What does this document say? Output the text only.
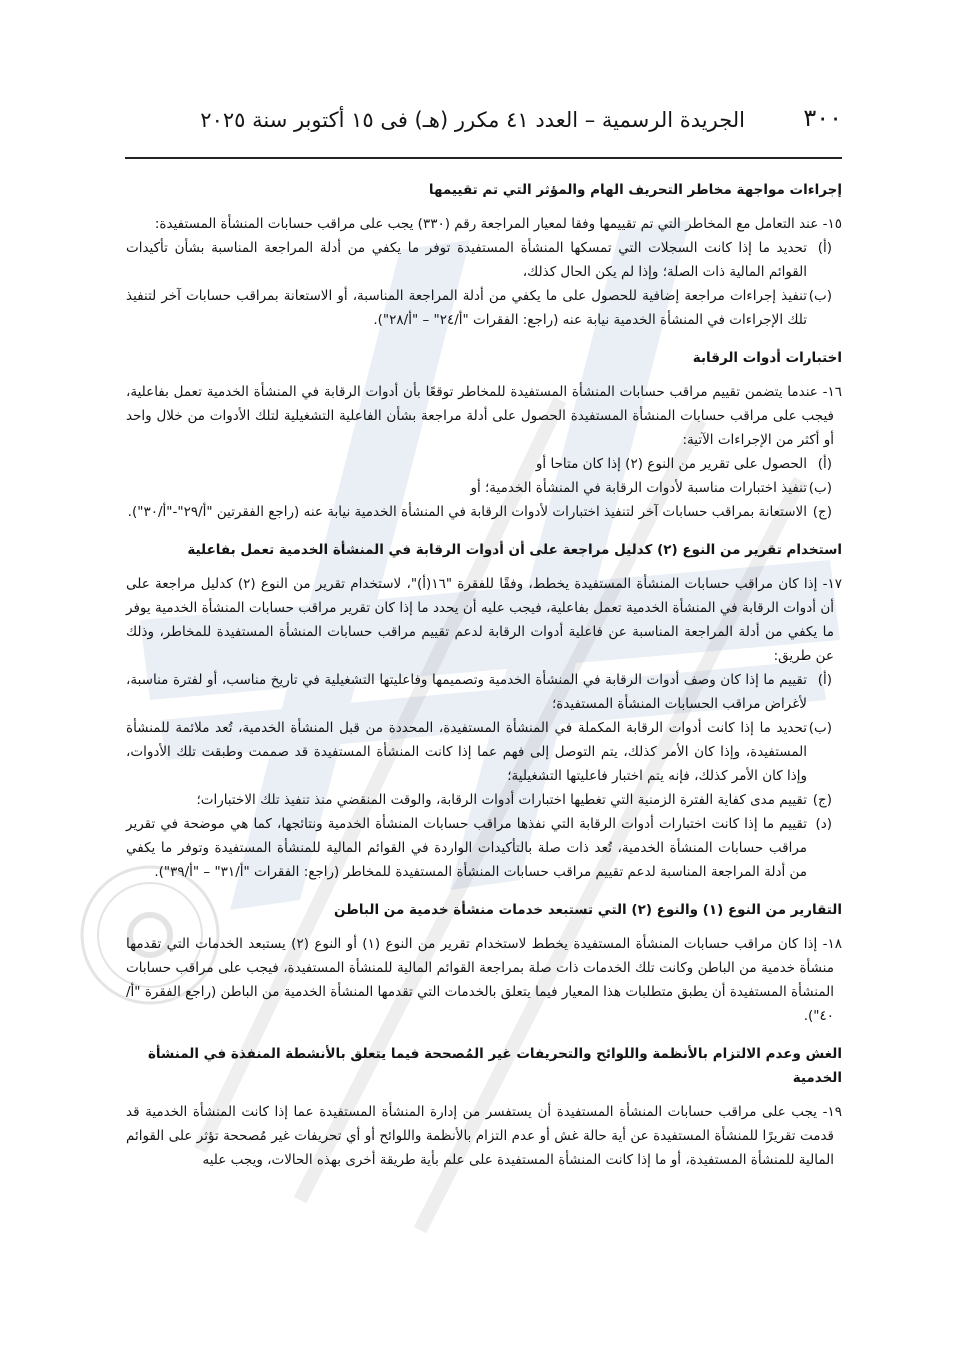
٣٠٠
الجريدة الرسمية – العدد ٤١ مكرر (هـ) فى ١٥ أكتوبر سنة ٢٠٢٥
إجراءات مواجهة مخاطر التحريف الهام والمؤثر التي تم تقييمها

١٥- عند التعامل مع المخاطر التي تم تقييمها وفقا لمعيار المراجعة رقم (٣٣٠) يجب على مراقب حسابات المنشأة المستفيدة:

(أ)
تحديد ما إذا كانت السجلات التي تمسكها المنشأة المستفيدة توفر ما يكفي من أدلة المراجعة المناسبة بشأن تأكيدات القوائم المالية ذات الصلة؛ وإذا لم يكن الحال كذلك،
(ب)
تنفيذ إجراءات مراجعة إضافية للحصول على ما يكفي من أدلة المراجعة المناسبة، أو الاستعانة بمراقب حسابات آخر لتنفيذ تلك الإجراءات في المنشأة الخدمية نيابة عنه (راجع: الفقرات "أ/٢٤" – "أ/٢٨").
اختبارات أدوات الرقابة

١٦- عندما يتضمن تقييم مراقب حسابات المنشأة المستفيدة للمخاطر توقعًا بأن أدوات الرقابة في المنشأة الخدمية تعمل بفاعلية، فيجب على مراقب حسابات المنشأة المستفيدة الحصول على أدلة مراجعة بشأن الفاعلية التشغيلية لتلك الأدوات من خلال واحد أو أكثر من الإجراءات الآتية:

(أ)
الحصول على تقرير من النوع (٢) إذا كان متاحا أو
(ب)
تنفيذ اختبارات مناسبة لأدوات الرقابة في المنشأة الخدمية؛ أو
(ج)
الاستعانة بمراقب حسابات آخر لتنفيذ اختبارات لأدوات الرقابة في المنشأة الخدمية نيابة عنه (راجع الفقرتين "أ/٢٩"-"أ/٣٠").
استخدام تقرير من النوع (٢) كدليل مراجعة على أن أدوات الرقابة في المنشأة الخدمية تعمل بفاعلية

١٧- إذا كان مراقب حسابات المنشأة المستفيدة يخطط، وفقًا للفقرة "١٦(أ)"، لاستخدام تقرير من النوع (٢) كدليل مراجعة على أن أدوات الرقابة في المنشأة الخدمية تعمل بفاعلية، فيجب عليه أن يحدد ما إذا كان تقرير مراقب حسابات المنشأة الخدمية يوفر ما يكفي من أدلة المراجعة المناسبة عن فاعلية أدوات الرقابة لدعم تقييم مراقب حسابات المنشأة المستفيدة للمخاطر، وذلك عن طريق:

(أ)
تقييم ما إذا كان وصف أدوات الرقابة في المنشأة الخدمية وتصميمها وفاعليتها التشغيلية في تاريخ مناسب، أو لفترة مناسبة، لأغراض مراقب الحسابات المنشأة المستفيدة؛
(ب)
تحديد ما إذا كانت أدوات الرقابة المكملة في المنشأة المستفيدة، المحددة من قبل المنشأة الخدمية، تُعد ملائمة للمنشأة المستفيدة، وإذا كان الأمر كذلك، يتم التوصل إلى فهم عما إذا كانت المنشأة المستفيدة قد صممت وطبقت تلك الأدوات، وإذا كان الأمر كذلك، فإنه يتم اختبار فاعليتها التشغيلية؛
(ج)
تقييم مدى كفاية الفترة الزمنية التي تغطيها اختبارات أدوات الرقابة، والوقت المنقضي منذ تنفيذ تلك الاختبارات؛
(د)
تقييم ما إذا كانت اختبارات أدوات الرقابة التي نفذها مراقب حسابات المنشأة الخدمية ونتائجها، كما هي موضحة في تقرير مراقب حسابات المنشأة الخدمية، تُعد ذات صلة بالتأكيدات الواردة في القوائم المالية للمنشأة المستفيدة وتوفر ما يكفي من أدلة المراجعة المناسبة لدعم تقييم مراقب حسابات المنشأة المستفيدة للمخاطر (راجع: الفقرات "أ/٣١" – "أ/٣٩").
التقارير من النوع (١) والنوع (٢) التي تستبعد خدمات منشأة خدمية من الباطن

١٨- إذا كان مراقب حسابات المنشأة المستفيدة يخطط لاستخدام تقرير من النوع (١) أو النوع (٢) يستبعد الخدمات التي تقدمها منشأة خدمية من الباطن وكانت تلك الخدمات ذات صلة بمراجعة القوائم المالية للمنشأة المستفيدة، فيجب على مراقب حسابات المنشأة المستفيدة أن يطبق متطلبات هذا المعيار فيما يتعلق بالخدمات التي تقدمها المنشأة الخدمية من الباطن (راجع الفقرة "أ/٤٠").

الغش وعدم الالتزام بالأنظمة واللوائح والتحريفات غير المُصححة فيما يتعلق بالأنشطة المنفذة في المنشأة الخدمية

١٩- يجب على مراقب حسابات المنشأة المستفيدة أن يستفسر من إدارة المنشأة المستفيدة عما إذا كانت المنشأة الخدمية قد قدمت تقريرًا للمنشأة المستفيدة عن أية حالة غش أو عدم التزام بالأنظمة واللوائح أو أي تحريفات غير مُصححة تؤثر على القوائم المالية للمنشأة المستفيدة، أو ما إذا كانت المنشأة المستفيدة على علم بأية طريقة أخرى بهذه الحالات، ويجب عليه
